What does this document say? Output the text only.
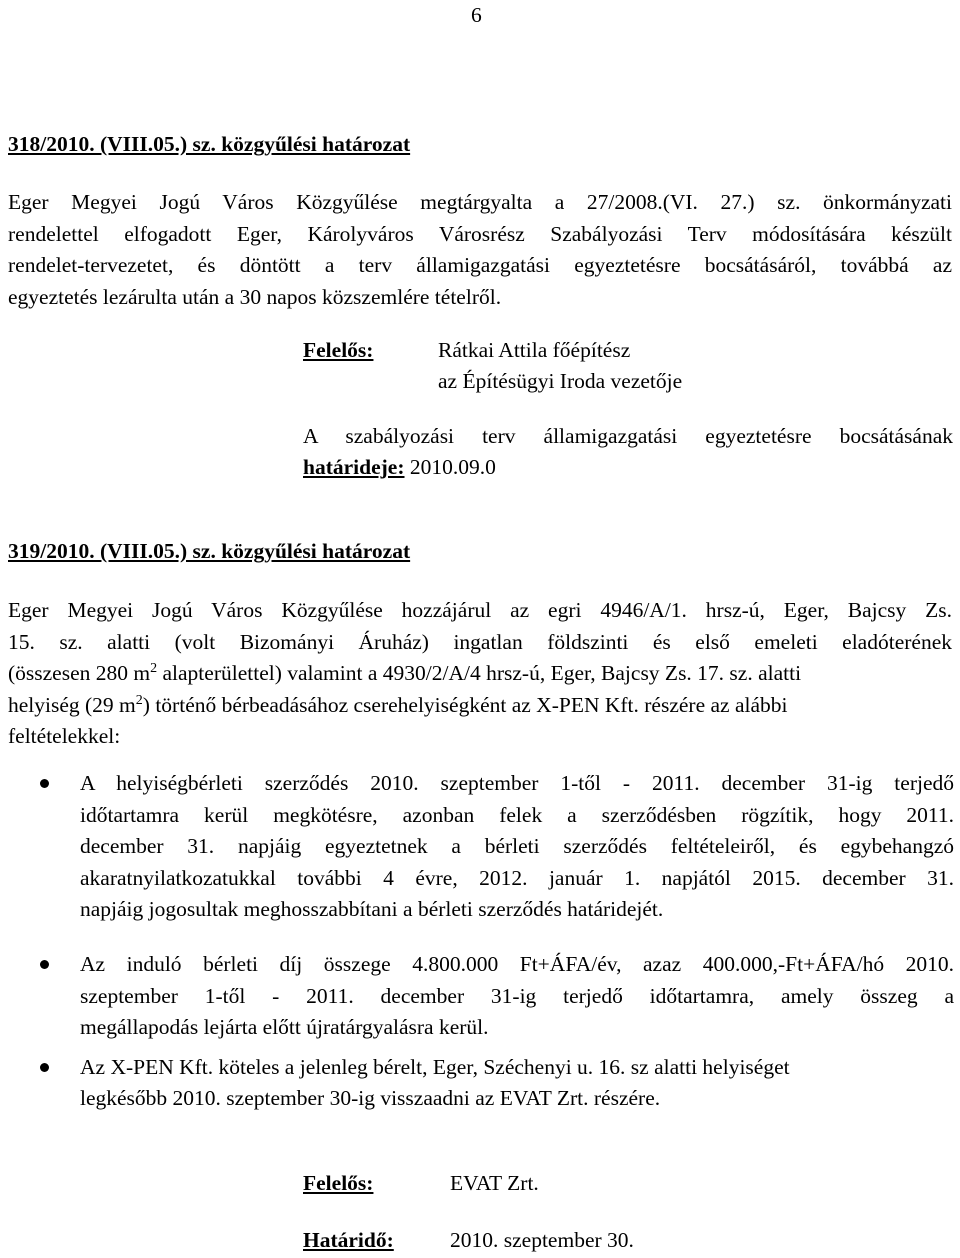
6
318/2010. (VIII.05.) sz. közgyűlési határozat
Eger Megyei Jogú Város Közgyűlése megtárgyalta a 27/2008.(VI. 27.) sz. önkormányzati
rendelettel elfogadott Eger, Károlyváros Városrész Szabályozási Terv módosítására készült
rendelet-tervezetet, és döntött a terv államigazgatási egyeztetésre bocsátásáról, továbbá az
egyeztetés lezárulta után a 30 napos közszemlére tételről.
Felelős:	Rátkai Attila főépítész
az Építésügyi Iroda vezetője
A szabályozási terv államigazgatási egyeztetésre bocsátásának
határideje: 2010.09.0
319/2010. (VIII.05.) sz. közgyűlési határozat
Eger Megyei Jogú Város Közgyűlése hozzájárul az egri 4946/A/1. hrsz-ú, Eger, Bajcsy Zs.
15. sz. alatti (volt Bizományi Áruház) ingatlan földszinti és első emeleti eladóterének
(összesen 280 $m^2$ alapterülettel) valamint a 4930/2/A/4 hrsz-ú, Eger, Bajcsy Zs. 17. sz. alatti
helyiség (29 $m^2$) történő bérbeadásához cserehelyiségként az X-PEN Kft. részére az alábbi
feltételekkel:
A helyiségbérleti szerződés 2010. szeptember 1-től - 2011. december 31-ig terjedő
időtartamra kerül megkötésre, azonban felek a szerződésben rögzítik, hogy 2011.
december 31. napjáig egyeztetnek a bérleti szerződés feltételeiről, és egybehangzó
akaratnyilatkozatukkal további 4 évre, 2012. január 1. napjától 2015. december 31.
napjáig jogosultak meghosszabbítani a bérleti szerződés határidejét.
Az induló bérleti díj összege 4.800.000 Ft+ÁFA/év, azaz 400.000,-Ft+ÁFA/hó 2010.
szeptember 1-től - 2011. december 31-ig terjedő időtartamra, amely összeg a
megállapodás lejárta előtt újratárgyalásra kerül.
Az X-PEN Kft. köteles a jelenleg bérelt, Eger, Széchenyi u. 16. sz alatti helyiséget
legkésőbb 2010. szeptember 30-ig visszaadni az EVAT Zrt. részére.
Felelős:	EVAT Zrt.
Határidő:	2010. szeptember 30.
